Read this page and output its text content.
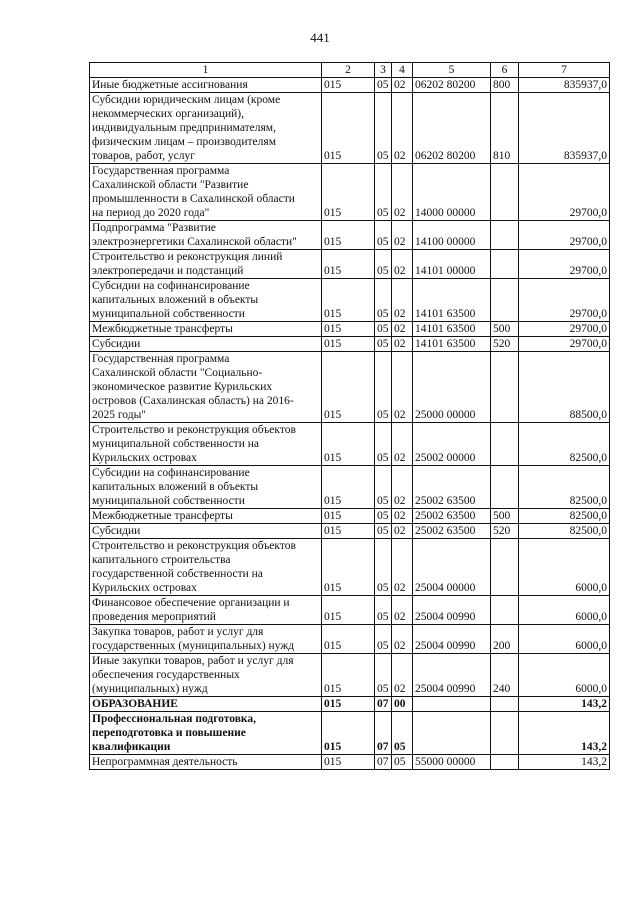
441
1	2	3	4	5	6	7
Иные бюджетные ассигнования	015	05	02	06202 80200	800	835937,0
Субсидии юридическим лицам (кроме
некоммерческих организаций),
индивидуальным предпринимателям,
физическим лицам – производителям
товаров, работ, услуг	015	05	02	06202 80200	810	835937,0
Государственная программа
Сахалинской области "Развитие
промышленности в Сахалинской области
на период до 2020 года"	015	05	02	14000 00000		29700,0
Подпрограмма "Развитие
электроэнергетики Сахалинской области"	015	05	02	14100 00000		29700,0
Строительство и реконструкция линий
электропередачи и подстанций	015	05	02	14101 00000		29700,0
Субсидии на софинансирование
капитальных вложений в объекты
муниципальной собственности	015	05	02	14101 63500		29700,0
Межбюджетные трансферты	015	05	02	14101 63500	500	29700,0
Субсидии	015	05	02	14101 63500	520	29700,0
Государственная программа
Сахалинской области "Социально-
экономическое развитие Курильских
островов (Сахалинская область) на 2016-
2025 годы"	015	05	02	25000 00000		88500,0
Строительство и реконструкция объектов
муниципальной собственности на
Курильских островах	015	05	02	25002 00000		82500,0
Субсидии на софинансирование
капитальных вложений в объекты
муниципальной собственности	015	05	02	25002 63500		82500,0
Межбюджетные трансферты	015	05	02	25002 63500	500	82500,0
Субсидии	015	05	02	25002 63500	520	82500,0
Строительство и реконструкция объектов
капитального строительства
государственной собственности на
Курильских островах	015	05	02	25004 00000		6000,0
Финансовое обеспечение организации и
проведения мероприятий	015	05	02	25004 00990		6000,0
Закупка товаров, работ и услуг для
государственных (муниципальных) нужд	015	05	02	25004 00990	200	6000,0
Иные закупки товаров, работ и услуг для
обеспечения государственных
(муниципальных) нужд	015	05	02	25004 00990	240	6000,0
ОБРАЗОВАНИЕ	015	07	00			143,2
Профессиональная подготовка,
переподготовка и повышение
квалификации	015	07	05			143,2
Непрограммная деятельность	015	07	05	55000 00000		143,2
